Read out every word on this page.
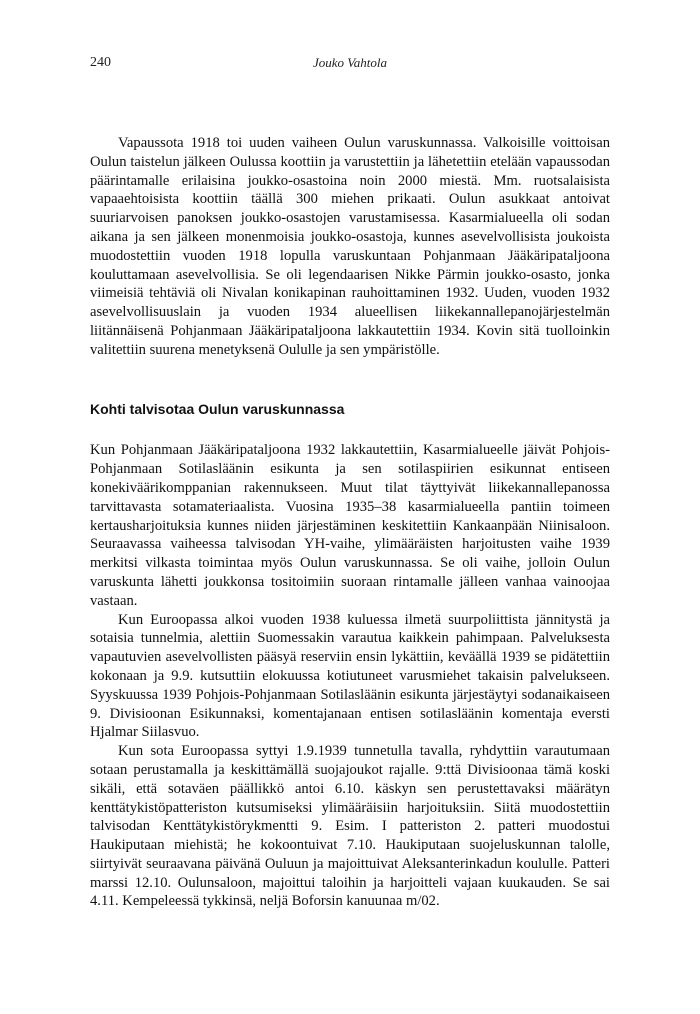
240	Jouko Vahtola

Vapaussota 1918 toi uuden vaiheen Oulun varuskunnassa. Valkoisille voittoisan Oulun taistelun jälkeen Oulussa koottiin ja varustettiin ja lähetettiin etelään vapaussodan päärintamalle erilaisina joukko-osastoina noin 2000 miestä. Mm. ruotsalaisista vapaaehtoisista koottiin täällä 300 miehen prikaati. Oulun asukkaat antoivat suuriarvoisen panoksen joukko-osastojen varustamisessa. Kasarmialueella oli sodan aikana ja sen jälkeen monenmoisia joukko-osastoja, kunnes asevelvollisista joukoista muodostettiin vuoden 1918 lopulla varuskuntaan Pohjanmaan Jääkäripataljoona kouluttamaan asevelvollisia. Se oli legendaarisen Nikke Pärmin joukko-osasto, jonka viimeisiä tehtäviä oli Nivalan konikapinan rauhoittaminen 1932. Uuden, vuoden 1932 asevelvollisuuslain ja vuoden 1934 alueellisen liikekannallepanojärjestelmän liitännäisenä Pohjanmaan Jääkäripataljoona lakkautettiin 1934. Kovin sitä tuolloinkin valitettiin suurena menetyksenä Oululle ja sen ympäristölle.

Kohti talvisotaa Oulun varuskunnassa

Kun Pohjanmaan Jääkäripataljoona 1932 lakkautettiin, Kasarmialueelle jäivät Pohjois-Pohjanmaan Sotilasläänin esikunta ja sen sotilaspiirien esikunnat entiseen konekiväärikomppanian rakennukseen. Muut tilat täyttyivät liikekannallepanossa tarvittavasta sotamateriaalista. Vuosina 1935–38 kasarmialueella pantiin toimeen kertausharjoituksia kunnes niiden järjestäminen keskitettiin Kankaanpään Niinisaloon. Seuraavassa vaiheessa talvisodan YH-vaihe, ylimääräisten harjoitusten vaihe 1939 merkitsi vilkasta toimintaa myös Oulun varuskunnassa. Se oli vaihe, jolloin Oulun varuskunta lähetti joukkonsa tositoimiin suoraan rintamalle jälleen vanhaa vainoojaa vastaan.

Kun Euroopassa alkoi vuoden 1938 kuluessa ilmetä suurpoliittista jännitystä ja sotaisia tunnelmia, alettiin Suomessakin varautua kaikkein pahimpaan. Palveluksesta vapautuvien asevelvollisten pääsyä reserviin ensin lykättiin, keväällä 1939 se pidätettiin kokonaan ja 9.9. kutsuttiin elokuussa kotiutuneet varusmiehet takaisin palvelukseen. Syyskuussa 1939 Pohjois-Pohjanmaan Sotilasläänin esikunta järjestäytyi sodanaikaiseen 9. Divisioonan Esikunnaksi, komentajanaan entisen sotilasläänin komentaja eversti Hjalmar Siilasvuo.

Kun sota Euroopassa syttyi 1.9.1939 tunnetulla tavalla, ryhdyttiin varautumaan sotaan perustamalla ja keskittämällä suojajoukot rajalle. 9:ttä Divisioonaa tämä koski sikäli, että sotaväen päällikkö antoi 6.10. käskyn sen perustettavaksi määrätyn kenttätykistöpatteriston kutsumiseksi ylimääräisiin harjoituksiin. Siitä muodostettiin talvisodan Kenttätykistörykmentti 9. Esim. I patteriston 2. patteri muodostui Haukiputaan miehistä; he kokoontuivat 7.10. Haukiputaan suojeluskunnan talolle, siirtyivät seuraavana päivänä Ouluun ja majoittuivat Aleksanterinkadun koululle. Patteri marssi 12.10. Oulunsaloon, majoittui taloihin ja harjoitteli vajaan kuukauden. Se sai 4.11. Kempeleessä tykkinsä, neljä Boforsin kanuunaa m/02.
